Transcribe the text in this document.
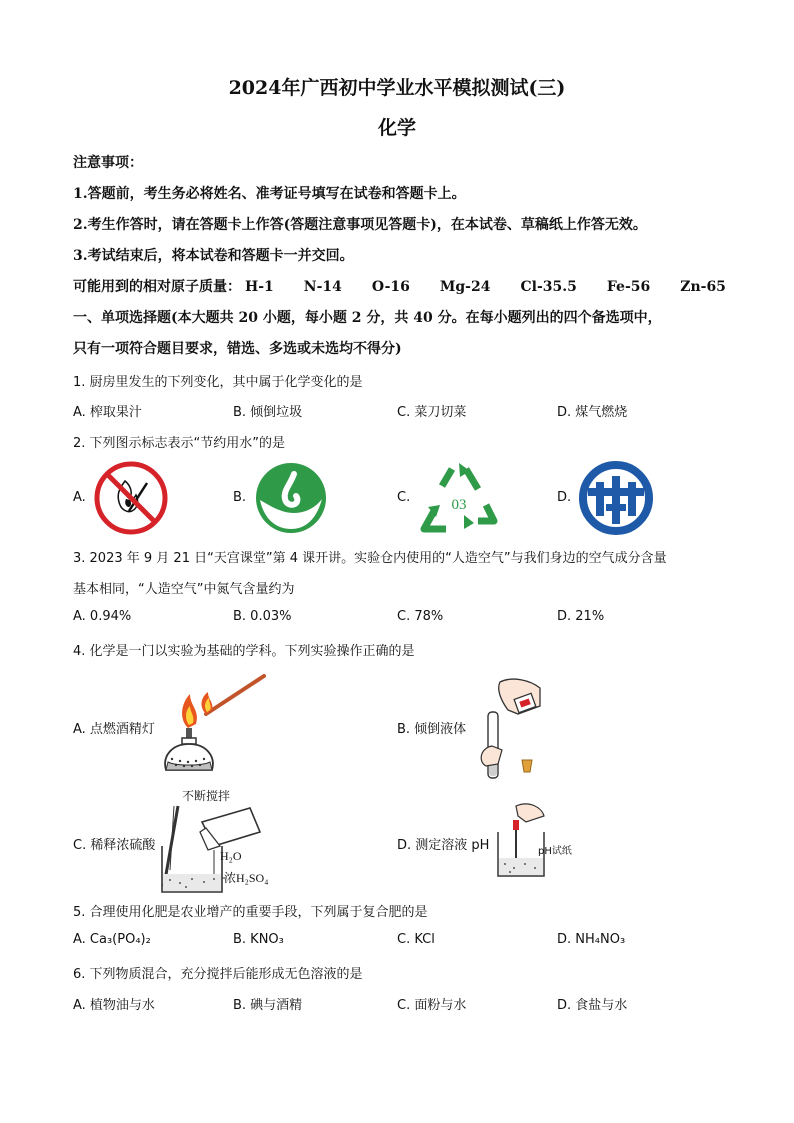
2024年广西初中学业水平模拟测试(三)
化学
注意事项：
1.答题前，考生务必将姓名、准考证号填写在试卷和答题卡上。
2.考生作答时，请在答题卡上作答(答题注意事项见答题卡)，在本试卷、草稿纸上作答无效。
3.考试结束后，将本试卷和答题卡一并交回。
可能用到的相对原子质量： H-1 N-14 O-16 Mg-24 Cl-35.5 Fe-56 Zn-65
一、单项选择题(本大题共 20 小题，每小题 2 分，共 40 分。在每小题列出的四个备选项中，
只有一项符合题目要求，错选、多选或未选均不得分)
1. 厨房里发生的下列变化，其中属于化学变化的是
A. 榨取果汁	B. 倾倒垃圾	C. 菜刀切菜	D. 煤气燃烧
2. 下列图示标志表示“节约用水”的是
A.	B.	C.	D.
03
3. 2023 年 9 月 21 日“天宫课堂”第 4 课开讲。实验仓内使用的“人造空气”与我们身边的空气成分含量
基本相同，“人造空气”中氮气含量约为
A. 0.94%	B. 0.03%	C. 78%	D. 21%
4. 化学是一门以实验为基础的学科。下列实验操作正确的是
A. 点燃酒精灯	B. 倾倒液体
C. 稀释浓硫酸	D. 测定溶液 pH
不断搅拌
H₂O
浓H₂SO₄
pH试纸
5. 合理使用化肥是农业增产的重要手段，下列属于复合肥的是
A. Ca₃(PO₄)₂	B. KNO₃	C. KCl	D. NH₄NO₃
6. 下列物质混合，充分搅拌后能形成无色溶液的是
A. 植物油与水	B. 碘与酒精	C. 面粉与水	D. 食盐与水
